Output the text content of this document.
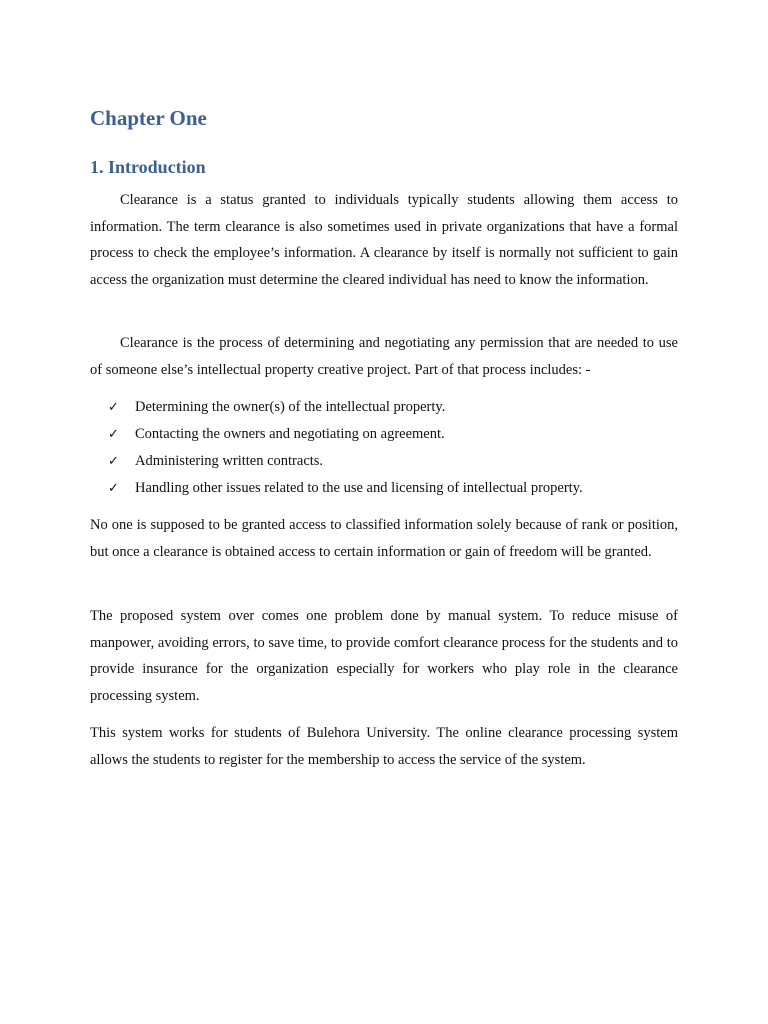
Chapter One
1. Introduction

Clearance is a status granted to individuals typically students allowing them access to information. The term clearance is also sometimes used in private organizations that have a formal process to check the employee’s information. A clearance by itself is normally not sufficient to gain access the organization must determine the cleared individual has need to know the information.

Clearance is the process of determining and negotiating any permission that are needed to use of someone else’s intellectual property creative project. Part of that process includes: -

✓ Determining the owner(s) of the intellectual property.
✓ Contacting the owners and negotiating on agreement.
✓ Administering written contracts.
✓ Handling other issues related to the use and licensing of intellectual property.

No one is supposed to be granted access to classified information solely because of rank or position, but once a clearance is obtained access to certain information or gain of freedom will be granted.

The proposed system over comes one problem done by manual system. To reduce misuse of manpower, avoiding errors, to save time, to provide comfort clearance process for the students and to provide insurance for the organization especially for workers who play role in the clearance processing system.

This system works for students of Bulehora University. The online clearance processing system allows the students to register for the membership to access the service of the system.
